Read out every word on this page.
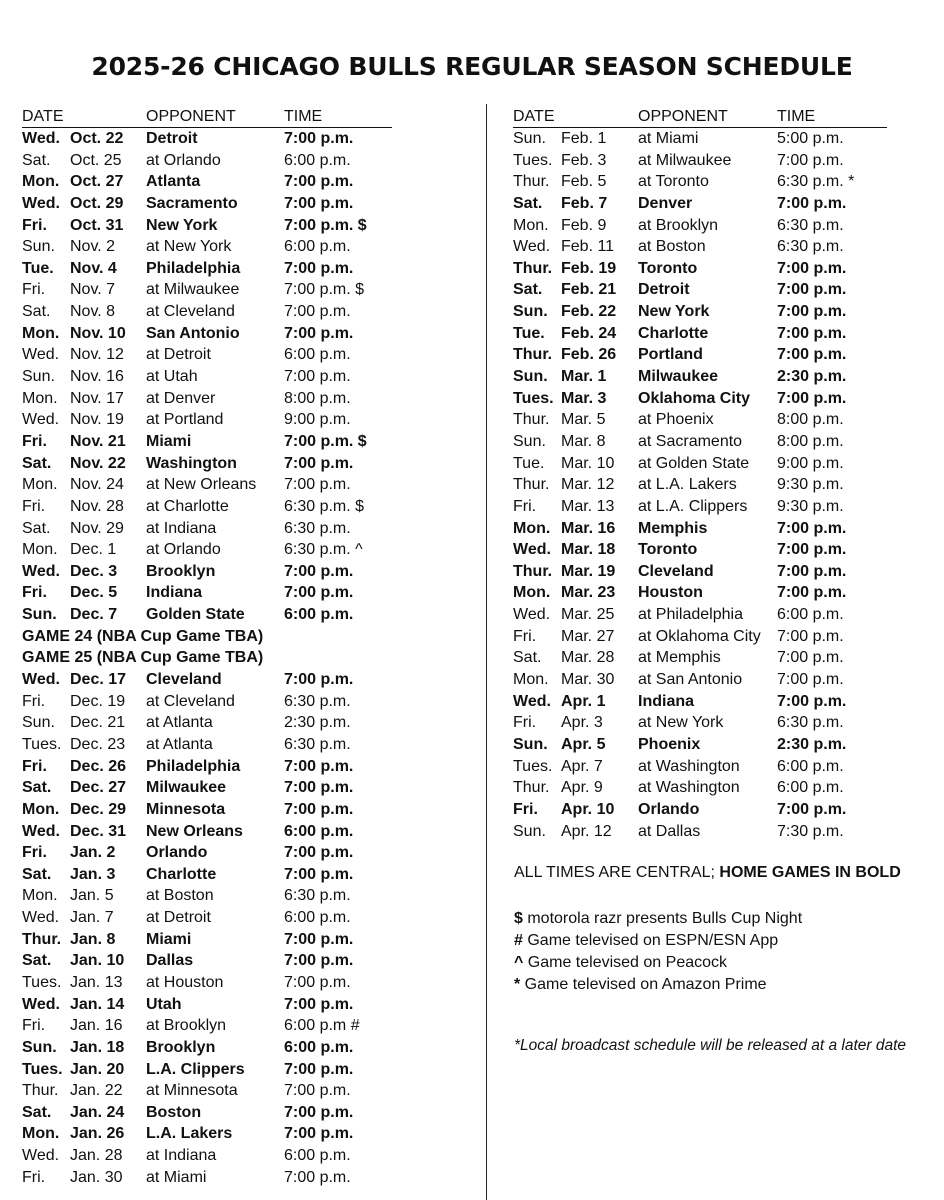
2025-26 CHICAGO BULLS REGULAR SEASON SCHEDULE
DATE	OPPONENT	TIME
Wed. Oct. 22 Detroit	7:00 p.m.
Sat. Oct. 25 at Orlando	6:00 p.m.
Mon. Oct. 27 Atlanta	7:00 p.m.
Wed. Oct. 29 Sacramento	7:00 p.m.
Fri. Oct. 31 New York	7:00 p.m. $
Sun. Nov. 2 at New York	6:00 p.m.
Tue. Nov. 4 Philadelphia	7:00 p.m.
Fri. Nov. 7 at Milwaukee	7:00 p.m. $
Sat. Nov. 8 at Cleveland	7:00 p.m.
Mon. Nov. 10 San Antonio	7:00 p.m.
Wed. Nov. 12 at Detroit	6:00 p.m.
Sun. Nov. 16 at Utah	7:00 p.m.
Mon. Nov. 17 at Denver	8:00 p.m.
Wed. Nov. 19 at Portland	9:00 p.m.
Fri. Nov. 21 Miami	7:00 p.m. $
Sat. Nov. 22 Washington	7:00 p.m.
Mon. Nov. 24 at New Orleans 7:00 p.m.
Fri. Nov. 28 at Charlotte	6:30 p.m. $
Sat. Nov. 29 at Indiana	6:30 p.m.
Mon. Dec. 1 at Orlando	6:30 p.m. ^
Wed. Dec. 3 Brooklyn	7:00 p.m.
Fri. Dec. 5 Indiana	7:00 p.m.
Sun. Dec. 7 Golden State 6:00 p.m.
GAME 24 (NBA Cup Game TBA)
GAME 25 (NBA Cup Game TBA)
Wed. Dec. 17 Cleveland	7:00 p.m.
Fri. Dec. 19 at Cleveland	6:30 p.m.
Sun. Dec. 21 at Atlanta	2:30 p.m.
Tues. Dec. 23 at Atlanta	6:30 p.m.
Fri. Dec. 26 Philadelphia	7:00 p.m.
Sat. Dec. 27 Milwaukee	7:00 p.m.
Mon. Dec. 29 Minnesota	7:00 p.m.
Wed. Dec. 31 New Orleans	6:00 p.m.
Fri. Jan. 2 Orlando	7:00 p.m.
Sat. Jan. 3 Charlotte	7:00 p.m.
Mon. Jan. 5 at Boston	6:30 p.m.
Wed. Jan. 7 at Detroit	6:00 p.m.
Thur. Jan. 8 Miami	7:00 p.m.
Sat. Jan. 10 Dallas	7:00 p.m.
Tues. Jan. 13 at Houston	7:00 p.m.
Wed. Jan. 14 Utah	7:00 p.m.
Fri. Jan. 16 at Brooklyn	6:00 p.m #
Sun. Jan. 18 Brooklyn	6:00 p.m.
Tues. Jan. 20 L.A. Clippers 7:00 p.m.
Thur. Jan. 22 at Minnesota	7:00 p.m.
Sat. Jan. 24 Boston	7:00 p.m.
Mon. Jan. 26 L.A. Lakers	7:00 p.m.
Wed. Jan. 28 at Indiana	6:00 p.m.
Fri. Jan. 30 at Miami	7:00 p.m.
DATE	OPPONENT	TIME
Sun. Feb. 1 at Miami	5:00 p.m.
Tues. Feb. 3 at Milwaukee	7:00 p.m.
Thur. Feb. 5 at Toronto	6:30 p.m. *
Sat. Feb. 7 Denver	7:00 p.m.
Mon. Feb. 9 at Brooklyn	6:30 p.m.
Wed. Feb. 11 at Boston	6:30 p.m.
Thur. Feb. 19 Toronto	7:00 p.m.
Sat. Feb. 21 Detroit	7:00 p.m.
Sun. Feb. 22 New York	7:00 p.m.
Tue. Feb. 24 Charlotte	7:00 p.m.
Thur. Feb. 26 Portland	7:00 p.m.
Sun. Mar. 1 Milwaukee	2:30 p.m.
Tues. Mar. 3 Oklahoma City 7:00 p.m.
Thur. Mar. 5 at Phoenix	8:00 p.m.
Sun. Mar. 8 at Sacramento 8:00 p.m.
Tue. Mar. 10 at Golden State 9:00 p.m.
Thur. Mar. 12 at L.A. Lakers	9:30 p.m.
Fri. Mar. 13 at L.A. Clippers 9:30 p.m.
Mon. Mar. 16 Memphis	7:00 p.m.
Wed. Mar. 18 Toronto	7:00 p.m.
Thur. Mar. 19 Cleveland	7:00 p.m.
Mon. Mar. 23 Houston	7:00 p.m.
Wed. Mar. 25 at Philadelphia 6:00 p.m.
Fri. Mar. 27 at Oklahoma City 7:00 p.m.
Sat. Mar. 28 at Memphis	7:00 p.m.
Mon. Mar. 30 at San Antonio 7:00 p.m.
Wed. Apr. 1 Indiana	7:00 p.m.
Fri. Apr. 3 at New York	6:30 p.m.
Sun. Apr. 5 Phoenix	2:30 p.m.
Tues. Apr. 7 at Washington 6:00 p.m.
Thur. Apr. 9 at Washington 6:00 p.m.
Fri. Apr. 10 Orlando	7:00 p.m.
Sun. Apr. 12 at Dallas	7:30 p.m.
ALL TIMES ARE CENTRAL; HOME GAMES IN BOLD
$ motorola razr presents Bulls Cup Night
# Game televised on ESPN/ESN App
^ Game televised on Peacock
* Game televised on Amazon Prime
*Local broadcast schedule will be released at a later date
